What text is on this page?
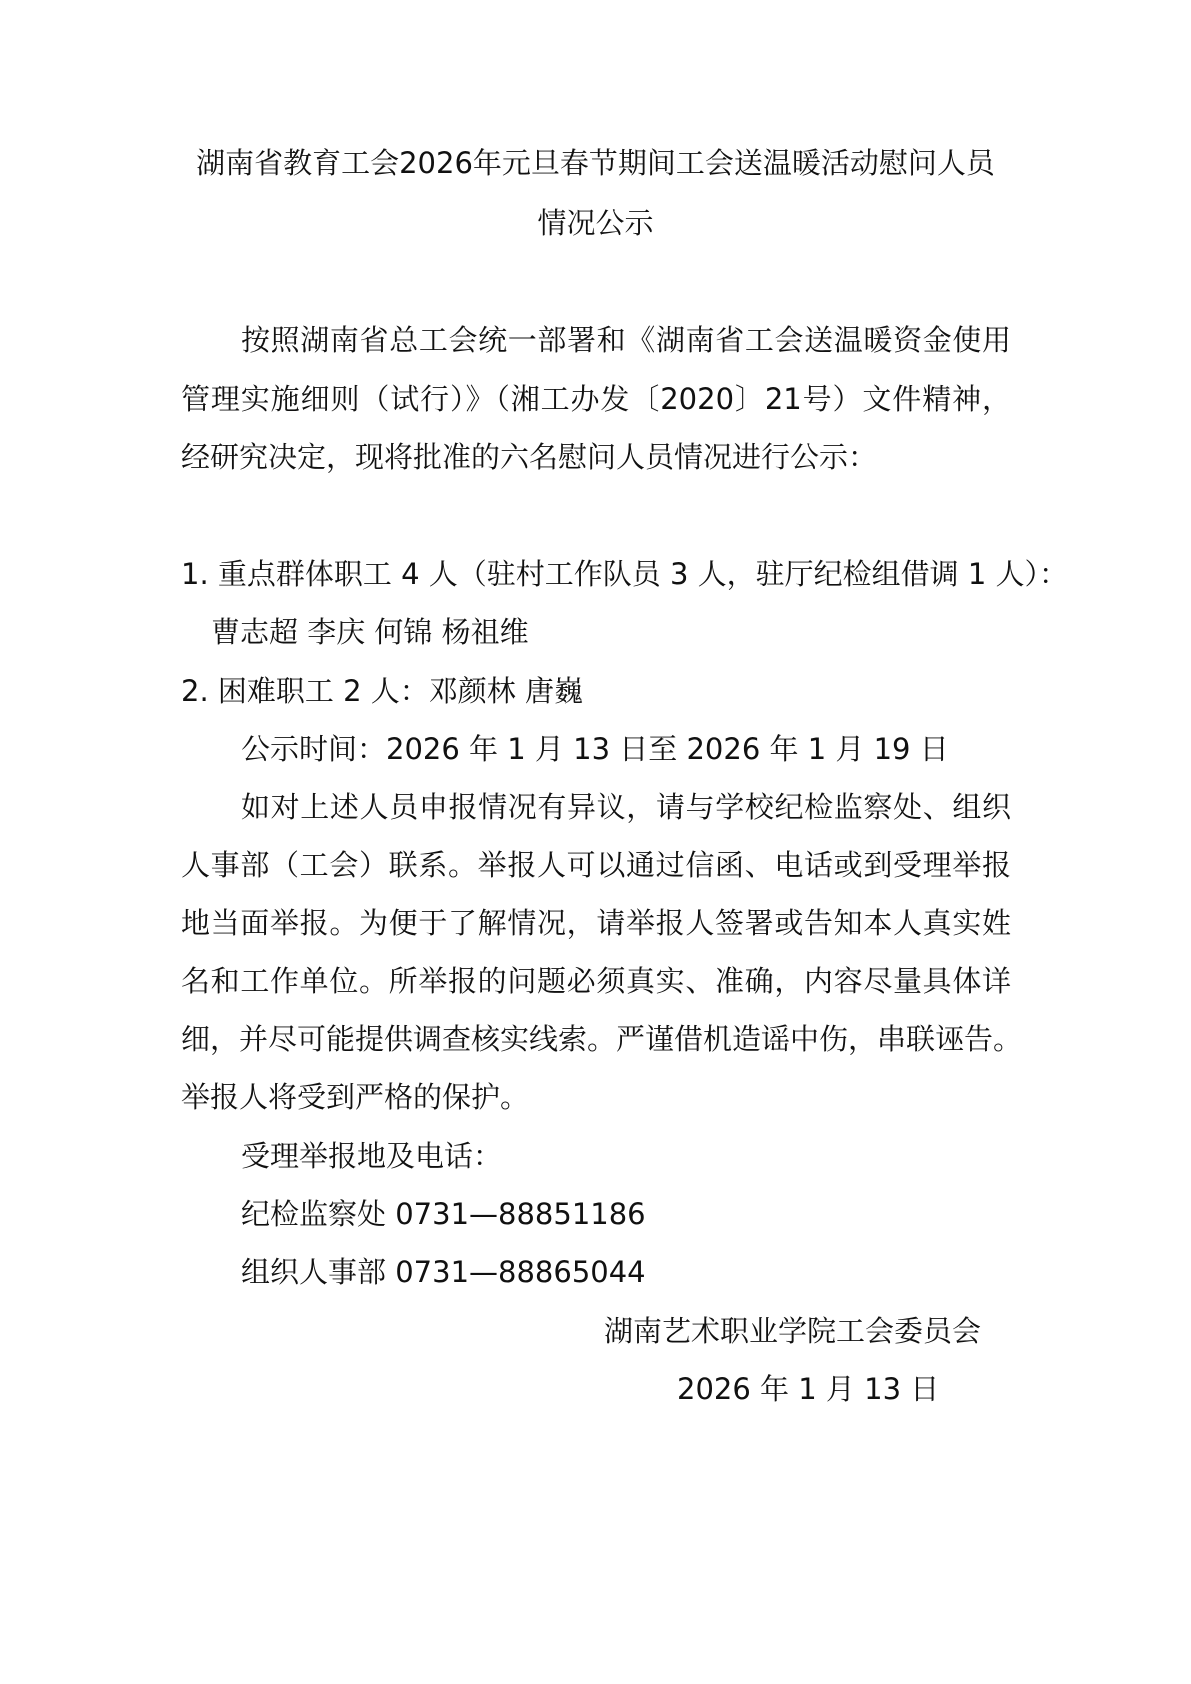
湖南省教育工会2026年元旦春节期间工会送温暖活动慰问人员
情况公示
按照湖南省总工会统一部署和《湖南省工会送温暖资金使用
管理实施细则（试行）》（湘工办发〔2020〕21号）文件精神，
经研究决定，现将批准的六名慰问人员情况进行公示：
1. 重点群体职工 4 人（驻村工作队员 3 人，驻厅纪检组借调 1 人）：
曹志超 李庆 何锦 杨祖维
2. 困难职工 2 人：邓颜林 唐巍
公示时间：2026 年 1 月 13 日至 2026 年 1 月 19 日
如对上述人员申报情况有异议，请与学校纪检监察处、组织
人事部（工会）联系。举报人可以通过信函、电话或到受理举报
地当面举报。为便于了解情况，请举报人签署或告知本人真实姓
名和工作单位。所举报的问题必须真实、准确，内容尽量具体详
细，并尽可能提供调查核实线索。严谨借机造谣中伤，串联诬告。
举报人将受到严格的保护。
受理举报地及电话：
纪检监察处 0731—88851186
组织人事部 0731—88865044
湖南艺术职业学院工会委员会
2026 年 1 月 13 日
